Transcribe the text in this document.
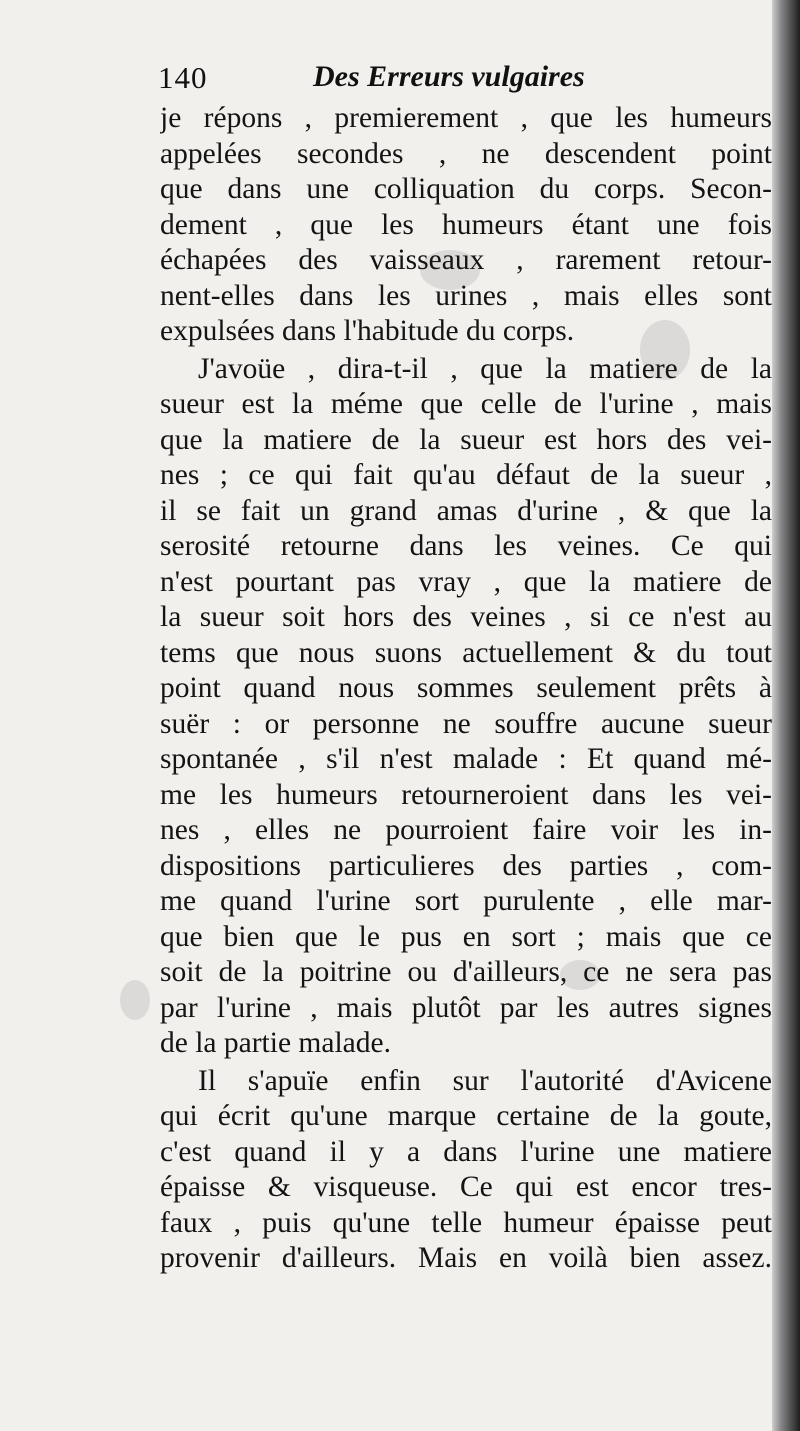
140	Des Erreurs vulgaires
je répons , premierement , que les humeurs
appelées secondes , ne descendent point
que dans une colliquation du corps. Secon-
dement , que les humeurs étant une fois
échapées des vaisseaux , rarement retour-
nent-elles dans les urines , mais elles sont
expulsées dans l'habitude du corps.
J'avoüe , dira-t-il , que la matiere de la
sueur est la méme que celle de l'urine , mais
que la matiere de la sueur est hors des vei-
nes ; ce qui fait qu'au défaut de la sueur ,
il se fait un grand amas d'urine , & que la
serosité retourne dans les veines. Ce qui
n'est pourtant pas vray , que la matiere de
la sueur soit hors des veines , si ce n'est au
tems que nous suons actuellement & du tout
point quand nous sommes seulement prêts à
suër : or personne ne souffre aucune sueur
spontanée , s'il n'est malade : Et quand mé-
me les humeurs retourneroient dans les vei-
nes , elles ne pourroient faire voir les in-
dispositions particulieres des parties , com-
me quand l'urine sort purulente , elle mar-
que bien que le pus en sort ; mais que ce
soit de la poitrine ou d'ailleurs, ce ne sera pas
par l'urine , mais plutôt par les autres signes
de la partie malade.
Il s'apuïe enfin sur l'autorité d'Avicene
qui écrit qu'une marque certaine de la goute,
c'est quand il y a dans l'urine une matiere
épaisse & visqueuse. Ce qui est encor tres-
faux , puis qu'une telle humeur épaisse peut
provenir d'ailleurs. Mais en voilà bien assez.
